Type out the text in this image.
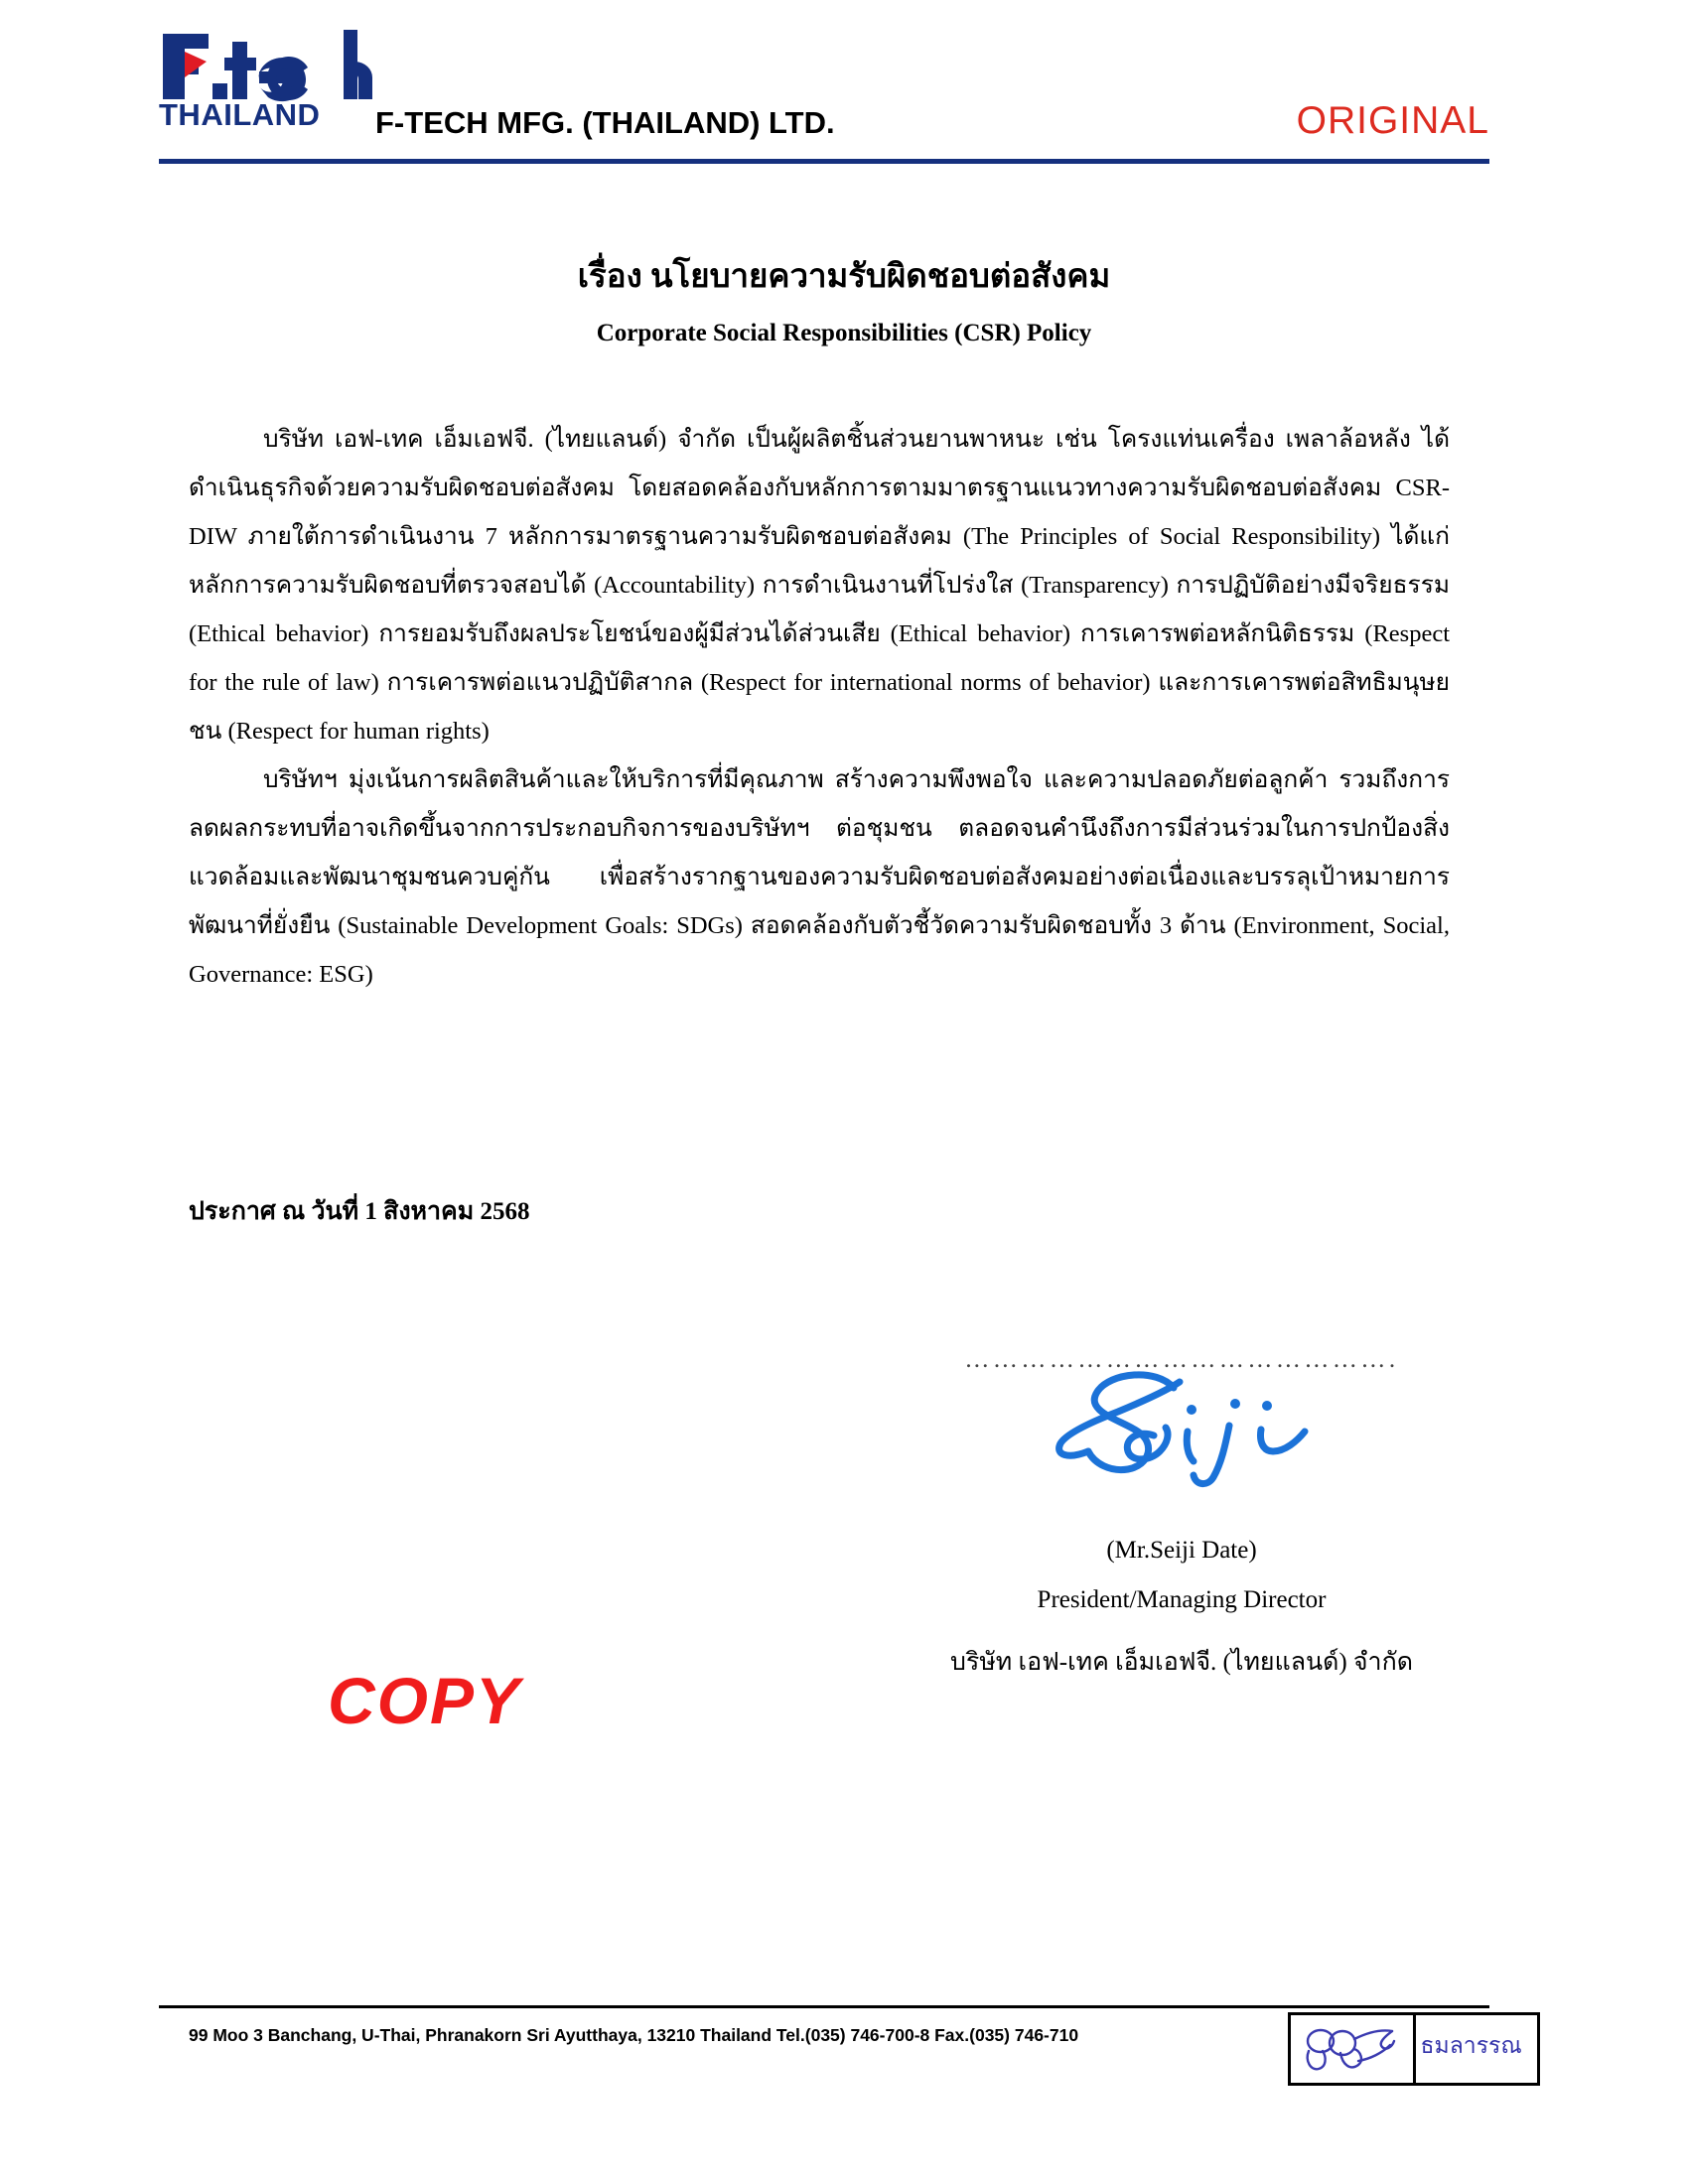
THAILAND F-TECH MFG. (THAILAND) LTD.	ORIGINAL
เรื่อง นโยบายความรับผิดชอบต่อสังคม
Corporate Social Responsibilities (CSR) Policy

บริษัท เอฟ-เทค เอ็มเอฟจี. (ไทยแลนด์) จำกัด เป็นผู้ผลิตชิ้นส่วนยานพาหนะ เช่น โครงแท่นเครื่อง เพลาล้อหลัง ได้ดำเนินธุรกิจด้วยความรับผิดชอบต่อสังคม โดยสอดคล้องกับหลักการตามมาตรฐานแนวทางความรับผิดชอบต่อสังคม CSR-DIW ภายใต้การดำเนินงาน 7 หลักการมาตรฐานความรับผิดชอบต่อสังคม (The Principles of Social Responsibility) ได้แก่ หลักการความรับผิดชอบที่ตรวจสอบได้ (Accountability) การดำเนินงานที่โปร่งใส (Transparency) การปฏิบัติอย่างมีจริยธรรม (Ethical behavior) การยอมรับถึงผลประโยชน์ของผู้มีส่วนได้ส่วนเสีย (Ethical behavior) การเคารพต่อหลักนิติธรรม (Respect for the rule of law) การเคารพต่อแนวปฏิบัติสากล (Respect for international norms of behavior) และการเคารพต่อสิทธิมนุษยชน (Respect for human rights)

บริษัทฯ มุ่งเน้นการผลิตสินค้าและให้บริการที่มีคุณภาพ สร้างความพึงพอใจ และความปลอดภัยต่อลูกค้า รวมถึงการลดผลกระทบที่อาจเกิดขึ้นจากการประกอบกิจการของบริษัทฯ ต่อชุมชน ตลอดจนคำนึงถึงการมีส่วนร่วมในการปกป้องสิ่งแวดล้อมและพัฒนาชุมชนควบคู่กัน เพื่อสร้างรากฐานของความรับผิดชอบต่อสังคมอย่างต่อเนื่องและบรรลุเป้าหมายการพัฒนาที่ยั่งยืน (Sustainable Development Goals: SDGs) สอดคล้องกับตัวชี้วัดความรับผิดชอบทั้ง 3 ด้าน (Environment, Social, Governance: ESG)

ประกาศ ณ วันที่ 1 สิงหาคม 2568
……………………………………….
(Mr.Seiji Date)
President/Managing Director
บริษัท เอฟ-เทค เอ็มเอฟจี. (ไทยแลนด์) จำกัด
COPY
99 Moo 3 Banchang, U-Thai, Phranakorn Sri Ayutthaya, 13210 Thailand Tel.(035) 746-700-8 Fax.(035) 746-710	ธมลารรณ
